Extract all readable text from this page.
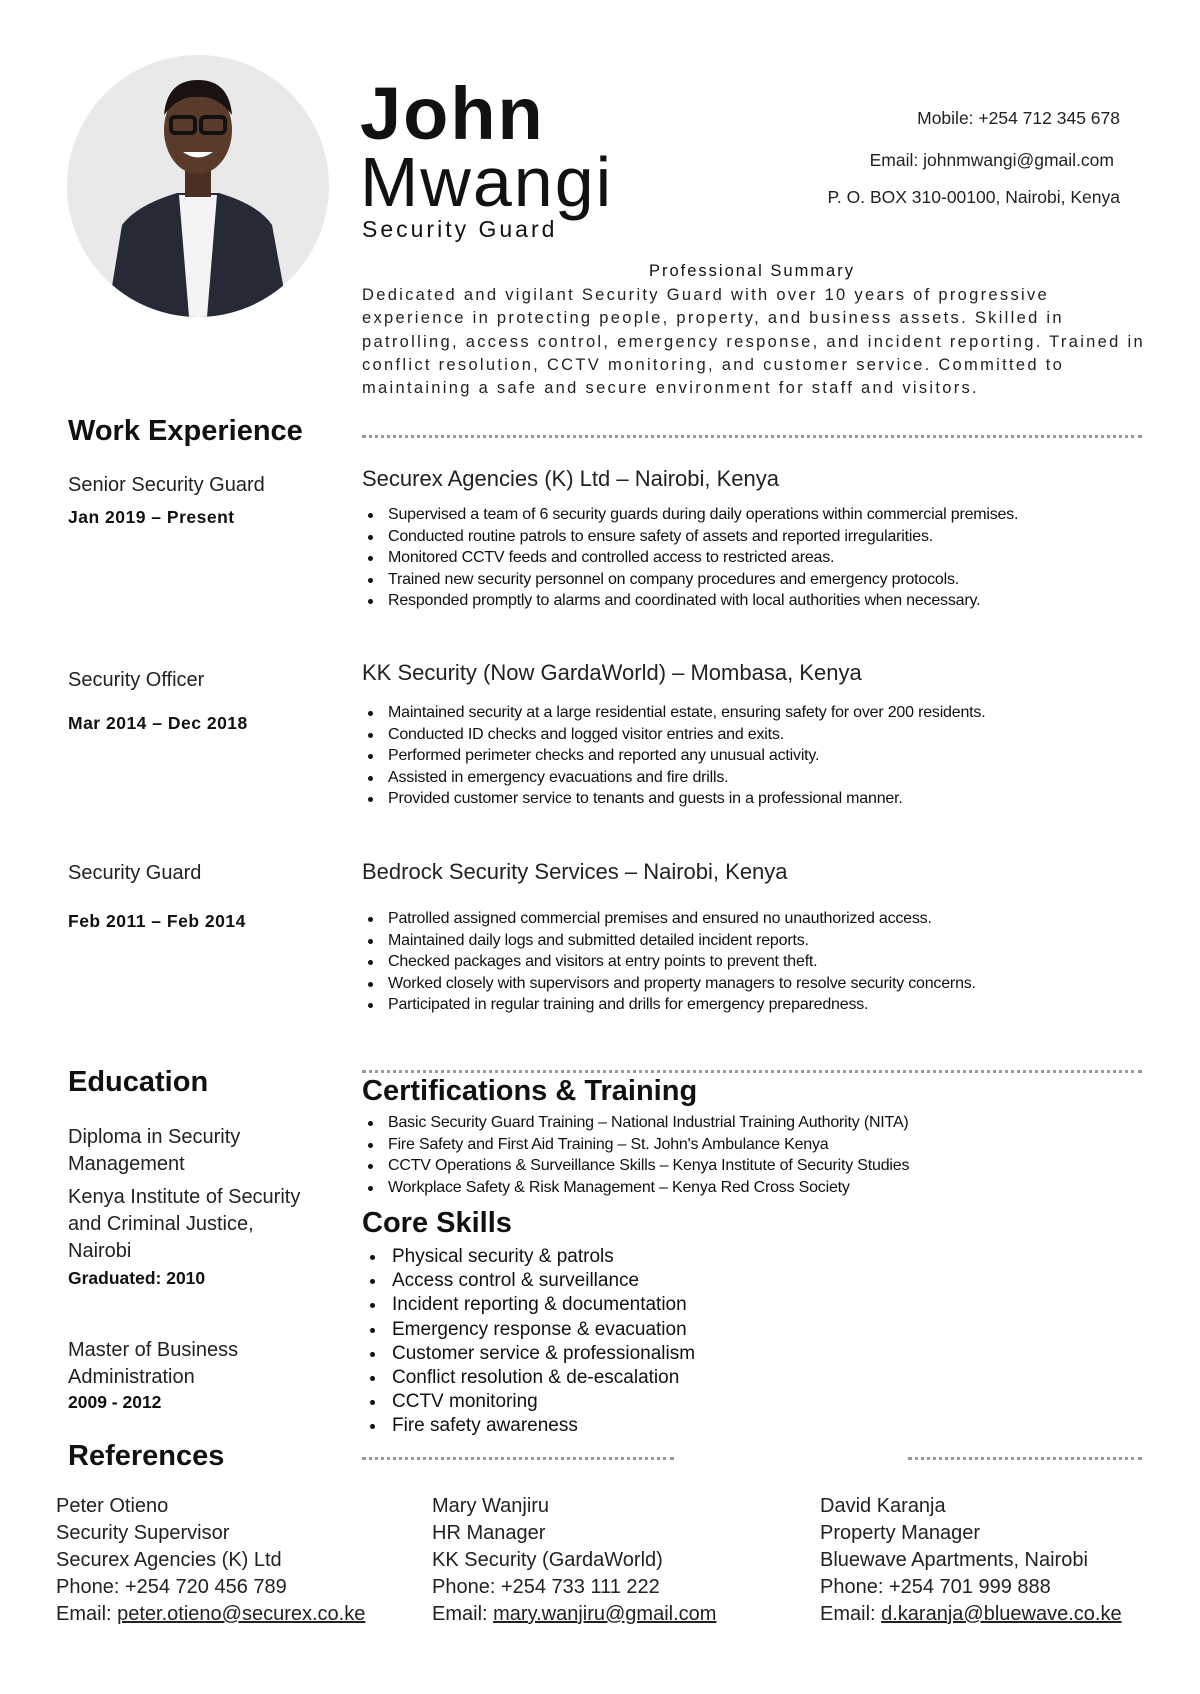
John
Mwangi
Security Guard
Mobile: +254 712 345 678
Email: johnmwangi@gmail.com
P. O. BOX 310-00100, Nairobi, Kenya
Professional Summary
Dedicated and vigilant Security Guard with over 10 years of progressive experience in protecting people, property, and business assets. Skilled in patrolling, access control, emergency response, and incident reporting. Trained in conflict resolution, CCTV monitoring, and customer service. Committed to maintaining a safe and secure environment for staff and visitors.
Work Experience
Senior Security Guard
Jan 2019 – Present
Securex Agencies (K) Ltd – Nairobi, Kenya
Supervised a team of 6 security guards during daily operations within commercial premises.
Conducted routine patrols to ensure safety of assets and reported irregularities.
Monitored CCTV feeds and controlled access to restricted areas.
Trained new security personnel on company procedures and emergency protocols.
Responded promptly to alarms and coordinated with local authorities when necessary.
Security Officer
Mar 2014 – Dec 2018
KK Security (Now GardaWorld) – Mombasa, Kenya
Maintained security at a large residential estate, ensuring safety for over 200 residents.
Conducted ID checks and logged visitor entries and exits.
Performed perimeter checks and reported any unusual activity.
Assisted in emergency evacuations and fire drills.
Provided customer service to tenants and guests in a professional manner.
Security Guard
Feb 2011 – Feb 2014
Bedrock Security Services – Nairobi, Kenya
Patrolled assigned commercial premises and ensured no unauthorized access.
Maintained daily logs and submitted detailed incident reports.
Checked packages and visitors at entry points to prevent theft.
Worked closely with supervisors and property managers to resolve security concerns.
Participated in regular training and drills for emergency preparedness.
Education
Diploma in Security
Management
Kenya Institute of Security
and Criminal Justice,
Nairobi
Graduated: 2010
Master of Business
Administration
2009 - 2012
Certifications & Training
Basic Security Guard Training – National Industrial Training Authority (NITA)
Fire Safety and First Aid Training – St. John's Ambulance Kenya
CCTV Operations & Surveillance Skills – Kenya Institute of Security Studies
Workplace Safety & Risk Management – Kenya Red Cross Society
Core Skills
Physical security & patrols
Access control & surveillance
Incident reporting & documentation
Emergency response & evacuation
Customer service & professionalism
Conflict resolution & de-escalation
CCTV monitoring
Fire safety awareness
References
Peter Otieno
Security Supervisor
Securex Agencies (K) Ltd
Phone: +254 720 456 789
Email: peter.otieno@securex.co.ke
Mary Wanjiru
HR Manager
KK Security (GardaWorld)
Phone: +254 733 111 222
Email: mary.wanjiru@gmail.com
David Karanja
Property Manager
Bluewave Apartments, Nairobi
Phone: +254 701 999 888
Email: d.karanja@bluewave.co.ke
